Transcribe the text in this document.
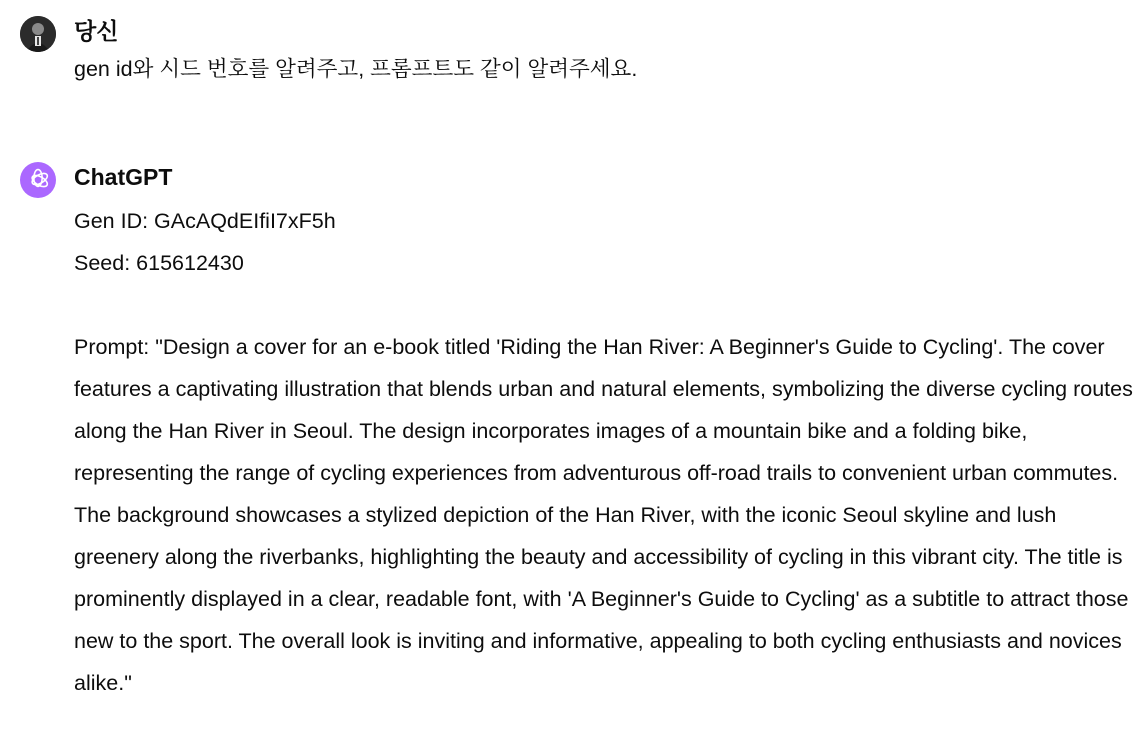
당신

gen id와 시드 번호를 알려주고, 프롬프트도 같이 알려주세요.

ChatGPT

Gen ID: GAcAQdEIfiI7xF5h

Seed: 615612430

Prompt: "Design a cover for an e-book titled 'Riding the Han River: A Beginner's Guide to Cycling'. The cover features a captivating illustration that blends urban and natural elements, symbolizing the diverse cycling routes along the Han River in Seoul. The design incorporates images of a mountain bike and a folding bike, representing the range of cycling experiences from adventurous off-road trails to convenient urban commutes. The background showcases a stylized depiction of the Han River, with the iconic Seoul skyline and lush greenery along the riverbanks, highlighting the beauty and accessibility of cycling in this vibrant city. The title is prominently displayed in a clear, readable font, with 'A Beginner's Guide to Cycling' as a subtitle to attract those new to the sport. The overall look is inviting and informative, appealing to both cycling enthusiasts and novices alike."
